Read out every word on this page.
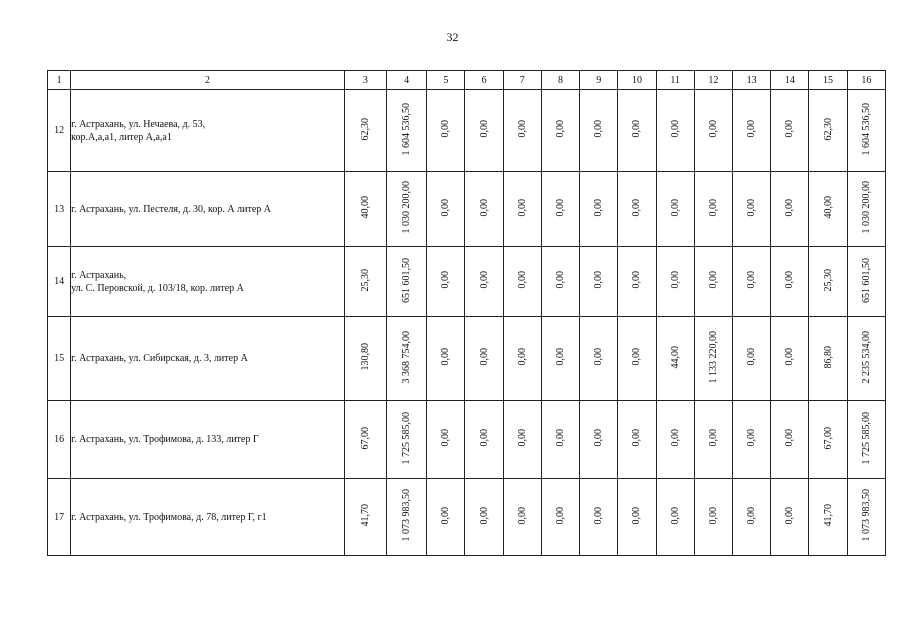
32
1	2	3	4	5	6	7	8	9	10	11	12	13	14	15	16
12	г. Астрахань, ул. Нечаева, д. 53,
кор.А,а,а1, литер А,а,а1	62,30	1 604 536,50	0,00	0,00	0,00	0,00	0,00	0,00	0,00	0,00	0,00	0,00	62,30	1 604 536,50
13	г. Астрахань, ул. Пестеля, д. 30, кор. А литер А	40,00	1 030 200,00	0,00	0,00	0,00	0,00	0,00	0,00	0,00	0,00	0,00	0,00	40,00	1 030 200,00
14	г. Астрахань,
ул. С. Перовской, д. 103/18, кор. литер А	25,30	651 601,50	0,00	0,00	0,00	0,00	0,00	0,00	0,00	0,00	0,00	0,00	25,30	651 601,50
15	г. Астрахань, ул. Сибирская, д. 3, литер А	130,80	3 368 754,00	0,00	0,00	0,00	0,00	0,00	0,00	44,00	1 133 220,00	0,00	0,00	86,80	2 235 534,00
16	г. Астрахань, ул. Трофимова, д. 133, литер Г	67,00	1 725 585,00	0,00	0,00	0,00	0,00	0,00	0,00	0,00	0,00	0,00	0,00	67,00	1 725 585,00
17	г. Астрахань, ул. Трофимова, д. 78, литер Г, г1	41,70	1 073 983,50	0,00	0,00	0,00	0,00	0,00	0,00	0,00	0,00	0,00	0,00	41,70	1 073 983,50
